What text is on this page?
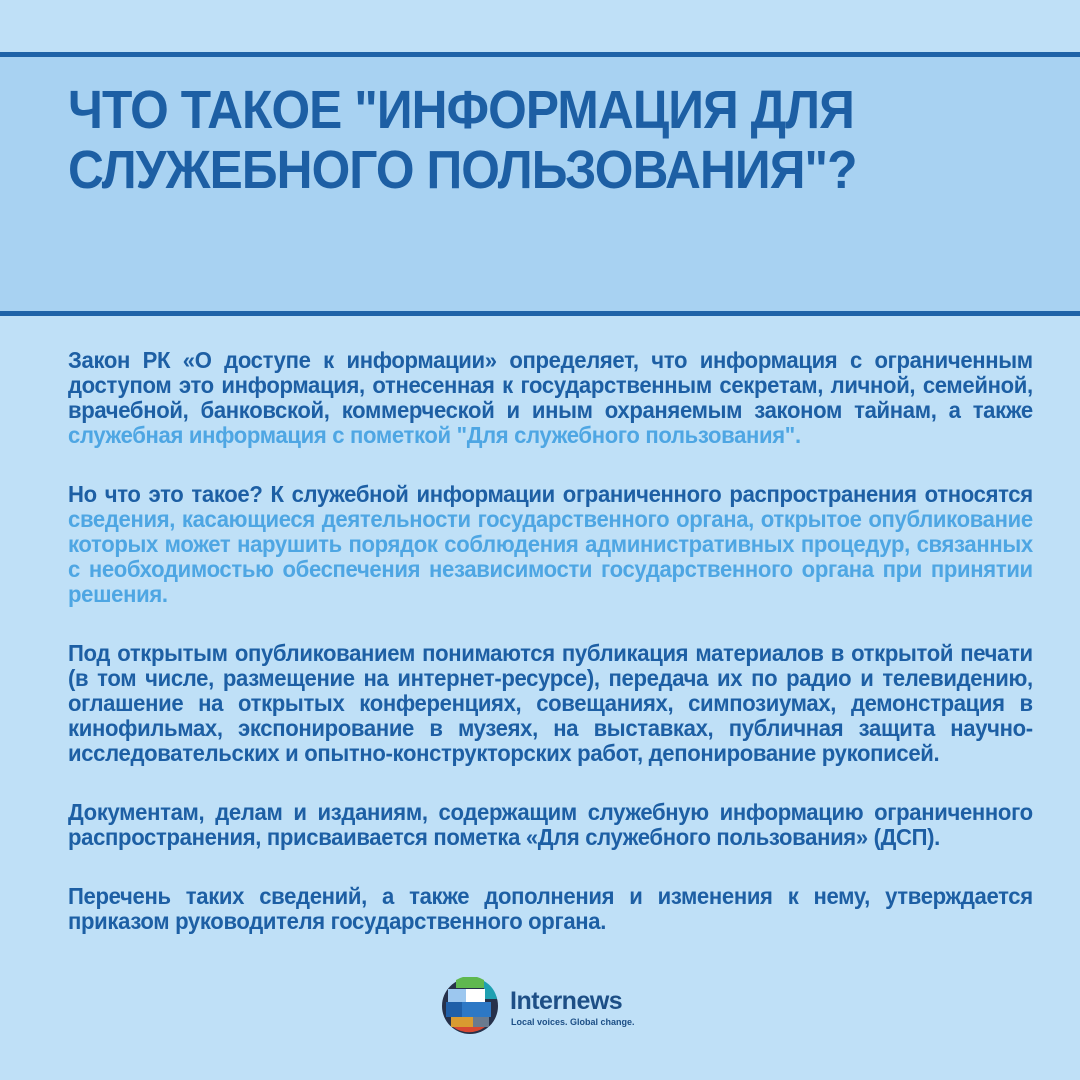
ЧТО ТАКОЕ "ИНФОРМАЦИЯ ДЛЯ СЛУЖЕБНОГО ПОЛЬЗОВАНИЯ"?

Закон РК «О доступе к информации» определяет, что информация с ограниченным доступом это информация, отнесенная к государственным секретам, личной, семейной, врачебной, банковской, коммерческой и иным охраняемым законом тайнам, а также служебная информация с пометкой "Для служебного пользования".

Но что это такое? К служебной информации ограниченного распространения относятся сведения, касающиеся деятельности государственного органа, открытое опубликование которых может нарушить порядок соблюдения административных процедур, связанных с необходимостью обеспечения независимости государственного органа при принятии решения.

Под открытым опубликованием понимаются публикация материалов в открытой печати (в том числе, размещение на интернет-ресурсе), передача их по радио и телевидению, оглашение на открытых конференциях, совещаниях, симпозиумах, демонстрация в кинофильмах, экспонирование в музеях, на выставках, публичная защита научно-исследовательских и опытно-конструкторских работ, депонирование рукописей.

Документам, делам и изданиям, содержащим служебную информацию ограниченного распространения, присваивается пометка «Для служебного пользования» (ДСП).

Перечень таких сведений, а также дополнения и изменения к нему, утверждается приказом руководителя государственного органа.

Internews
Local voices. Global change.
